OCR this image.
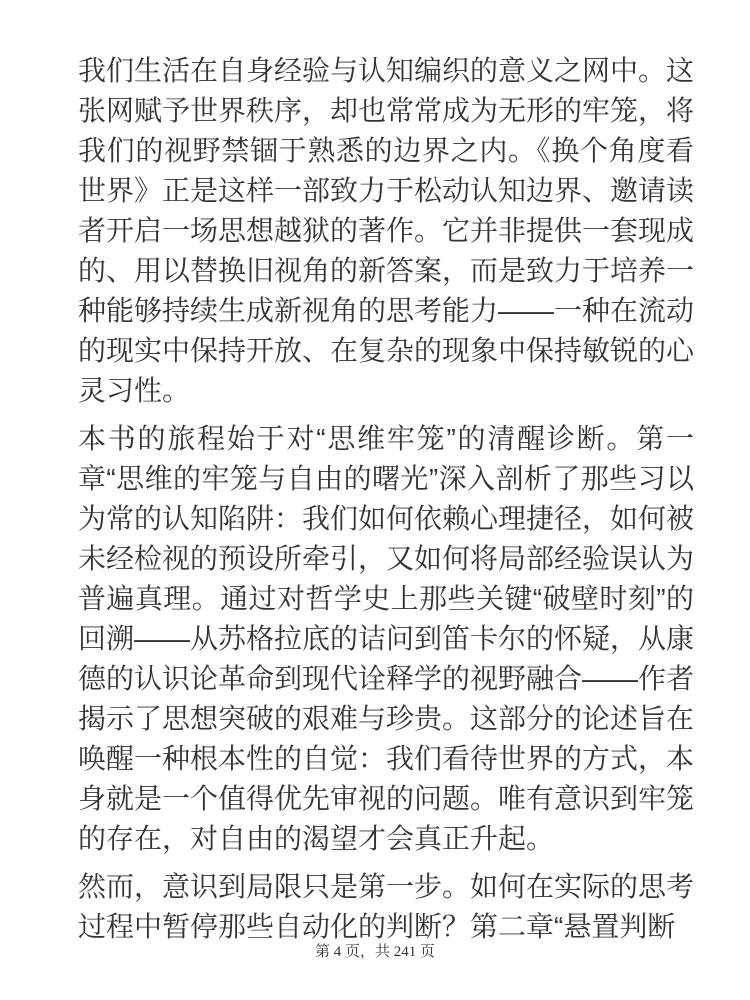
我们生活在自身经验与认知编织的意义之网中。这张网赋予世界秩序，却也常常成为无形的牢笼，将我们的视野禁锢于熟悉的边界之内。《换个角度看世界》正是这样一部致力于松动认知边界、邀请读者开启一场思想越狱的著作。它并非提供一套现成的、用以替换旧视角的新答案，而是致力于培养一种能够持续生成新视角的思考能力——一种在流动的现实中保持开放、在复杂的现象中保持敏锐的心灵习性。

本书的旅程始于对“思维牢笼”的清醒诊断。第一章“思维的牢笼与自由的曙光”深入剖析了那些习以为常的认知陷阱：我们如何依赖心理捷径，如何被未经检视的预设所牵引，又如何将局部经验误认为普遍真理。通过对哲学史上那些关键“破壁时刻”的回溯——从苏格拉底的诘问到笛卡尔的怀疑，从康德的认识论革命到现代诠释学的视野融合——作者揭示了思想突破的艰难与珍贵。这部分的论述旨在唤醒一种根本性的自觉：我们看待世界的方式，本身就是一个值得优先审视的问题。唯有意识到牢笼的存在，对自由的渴望才会真正升起。

然而，意识到局限只是第一步。如何在实际的思考过程中暂停那些自动化的判断？第二章“悬置判断

第 4 页，共 241 页
